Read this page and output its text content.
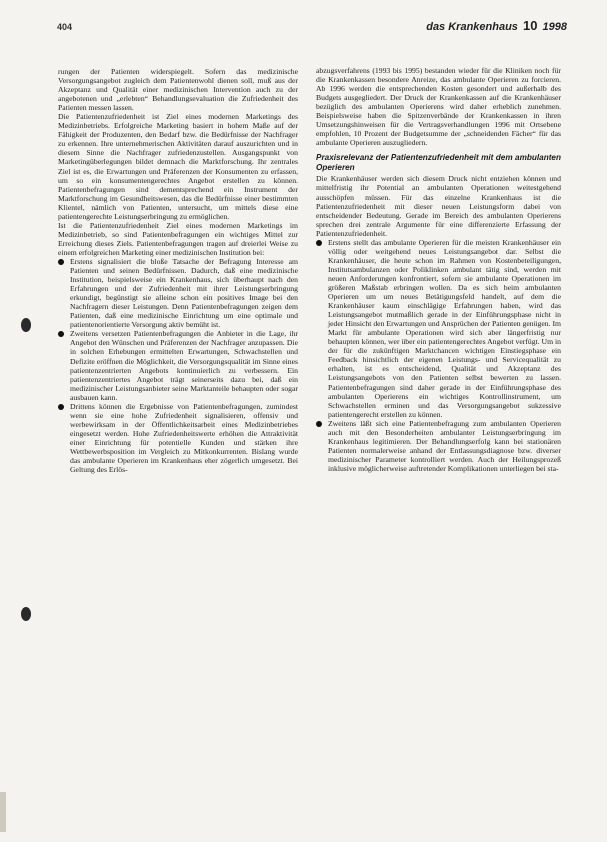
404	das Krankenhaus 10 1998

rungen der Patienten widerspiegelt. Sofern das medizinische Versorgungsangebot zugleich dem Patientenwohl dienen soll, muß aus der Akzeptanz und Qualität einer medizinischen Intervention auch zu der angebotenen und „erlebten“ Behandlungsevaluation die Zufriedenheit des Patienten messen lassen.

Die Patientenzufriedenheit ist Ziel eines modernen Marketings des Medizinbetriebs. Erfolgreiche Marketing basiert in hohem Maße auf der Fähigkeit der Produzenten, den Bedarf bzw. die Bedürfnisse der Nachfrager zu erkennen. Ihre unternehmerischen Aktivitäten darauf auszurichten und in diesem Sinne die Nachfrager zufriedenzustellen. Ausgangspunkt von Marketingüberlegungen bildet demnach die Marktforschung. Ihr zentrales Ziel ist es, die Erwartungen und Präferenzen der Konsumenten zu erfassen, um so ein konsumentengerechtes Angebot erstellen zu können. Patientenbefragungen sind dementsprechend ein Instrument der Marktforschung im Gesundheitswesen, das die Bedürfnisse einer bestimmten Klientel, nämlich von Patienten, untersucht, um mittels diese eine patientengerechte Leistungserbringung zu ermöglichen.

Ist die Patientenzufriedenheit Ziel eines modernen Marketings im Medizinbetrieb, so sind Patientenbefragungen ein wichtiges Mittel zur Erreichung dieses Ziels. Patientenbefragungen tragen auf dreierlei Weise zu einem erfolgreichen Marketing einer medizinischen Institution bei:

Erstens signalisiert die bloße Tatsache der Befragung Interesse am Patienten und seinen Bedürfnissen. Dadurch, daß eine medizinische Institution, beispielsweise ein Krankenhaus, sich überhaupt nach den Erfahrungen und der Zufriedenheit mit ihrer Leistungserbringung erkundigt, begünstigt sie alleine schon ein positives Image bei den Nachfragern dieser Leistungen. Denn Patientenbefragungen zeigen dem Patienten, daß eine medizinische Einrichtung um eine optimale und patientenorientierte Versorgung aktiv bemüht ist.

Zweitens versetzen Patientenbefragungen die Anbieter in die Lage, ihr Angebot den Wünschen und Präferenzen der Nachfrager anzupassen. Die in solchen Erhebungen ermittelten Erwartungen, Schwachstellen und Defizite eröffnen die Möglichkeit, die Versorgungsqualität im Sinne eines patientenzentrierten Angebots kontinuierlich zu verbessern. Ein patientenzentriertes Angebot trägt seinerseits dazu bei, daß ein medizinischer Leistungsanbieter seine Marktanteile behaupten oder sogar ausbauen kann.

Drittens können die Ergebnisse von Patientenbefragungen, zumindest wenn sie eine hohe Zufriedenheit signalisieren, offensiv und werbewirksam in der Öffentlichkeitsarbeit eines Medizinbetriebes eingesetzt werden. Hohe Zufriedenheitswerte erhöhen die Attraktivität einer Einrichtung für potentielle Kunden und stärken ihre Wettbewerbsposition im Vergleich zu Mitkonkurrenten. Bislang wurde das ambulante Operieren im Krankenhaus eher zögerlich umgesetzt. Bei Geltung des Erlös-

abzugsverfahrens (1993 bis 1995) bestanden wieder für die Kliniken noch für die Krankenkassen besondere Anreize, das ambulante Operieren zu forcieren. Ab 1996 werden die entsprechenden Kosten gesondert und außerhalb des Budgets ausgegliedert. Der Druck der Krankenkassen auf die Krankenhäuser bezüglich des ambulanten Operierens wird daher erheblich zunehmen. Beispielsweise haben die Spitzenverbände der Krankenkassen in ihren Umsetzungshinweisen für die Vertragsverhandlungen 1996 mit Ortsebene empfohlen, 10 Prozent der Budgetsumme der „schneidenden Fächer“ für das ambulante Operieren auszugliedern.

Praxisrelevanz der Patientenzufriedenheit mit dem ambulanten Operieren

Die Krankenhäuser werden sich diesem Druck nicht entziehen können und mittelfristig ihr Potential an ambulanten Operationen weitestgehend ausschöpfen müssen. Für das einzelne Krankenhaus ist die Patientenzufriedenheit mit dieser neuen Leistungsform dabei von entscheidender Bedeutung. Gerade im Bereich des ambulanten Operierens sprechen drei zentrale Argumente für eine differenzierte Erfassung der Patientenzufriedenheit.

Erstens stellt das ambulante Operieren für die meisten Krankenhäuser ein völlig oder weitgehend neues Leistungsangebot dar. Selbst die Krankenhäuser, die heute schon im Rahmen von Kostenbeteiligungen, Institutsambulanzen oder Poliklinken ambulant tätig sind, werden mit neuen Anforderungen konfrontiert, sofern sie ambulante Operationen im größeren Maßstab erbringen wollen. Da es sich beim ambulanten Operieren um um neues Betätigungsfeld handelt, auf dem die Krankenhäuser kaum einschlägige Erfahrungen haben, wird das Leistungsangebot mutmaßlich gerade in der Einführungsphase nicht in jeder Hinsicht den Erwartungen und Ansprüchen der Patienten genügen. Im Markt für ambulante Operationen wird sich aber längerfristig nur behaupten können, wer über ein patientengerechtes Angebot verfügt. Um in der für die zukünftigen Marktchancen wichtigen Einstiegsphase ein Feedback hinsichtlich der eigenen Leistungs- und Servicequalität zu erhalten, ist es entscheidend, Qualität und Akzeptanz des Leistungsangebots von den Patienten selbst bewerten zu lassen. Patientenbefragungen sind daher gerade in der Einführungsphase des ambulanten Operierens ein wichtiges Kontrollinstrument, um Schwachstellen erminen und das Versorgungsangebot sukzessive patientengerecht erstellen zu können.

Zweitens läßt sich eine Patientenbefragung zum ambulanten Operieren auch mit den Besonderheiten ambulanter Leistungserbringung im Krankenhaus legitimieren. Der Behandlungserfolg kann bei stationären Patienten normalerweise anhand der Entlassungsdiagnose bzw. diverser medizinischer Parameter kontrolliert werden. Auch der Heilungsprozeß inklusive möglicherweise auftretender Komplikationen unterliegen bei sta-
